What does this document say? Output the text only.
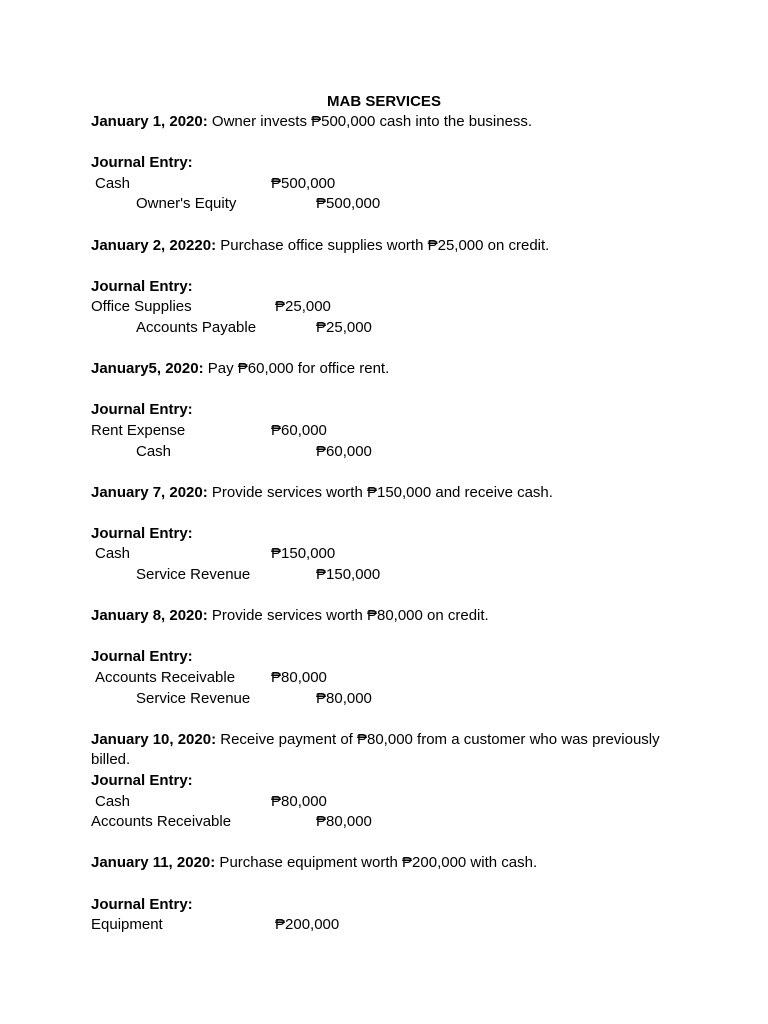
MAB SERVICES
January 1, 2020: Owner invests ₱500,000 cash into the business.
Journal Entry:
Cash	₱500,000
Owner's Equity	₱500,000
January 2, 20220: Purchase office supplies worth ₱25,000 on credit.
Journal Entry:
Office Supplies	₱25,000
Accounts Payable	₱25,000
January5, 2020: Pay ₱60,000 for office rent.
Journal Entry:
Rent Expense	₱60,000
Cash	₱60,000
January 7, 2020: Provide services worth ₱150,000 and receive cash.
Journal Entry:
Cash	₱150,000
Service Revenue	₱150,000
January 8, 2020: Provide services worth ₱80,000 on credit.
Journal Entry:
Accounts Receivable ₱80,000
Service Revenue	₱80,000
January 10, 2020: Receive payment of ₱80,000 from a customer who was previously billed.
Journal Entry:
Cash	₱80,000
Accounts Receivable	₱80,000
January 11, 2020: Purchase equipment worth ₱200,000 with cash.
Journal Entry:
Equipment	₱200,000
